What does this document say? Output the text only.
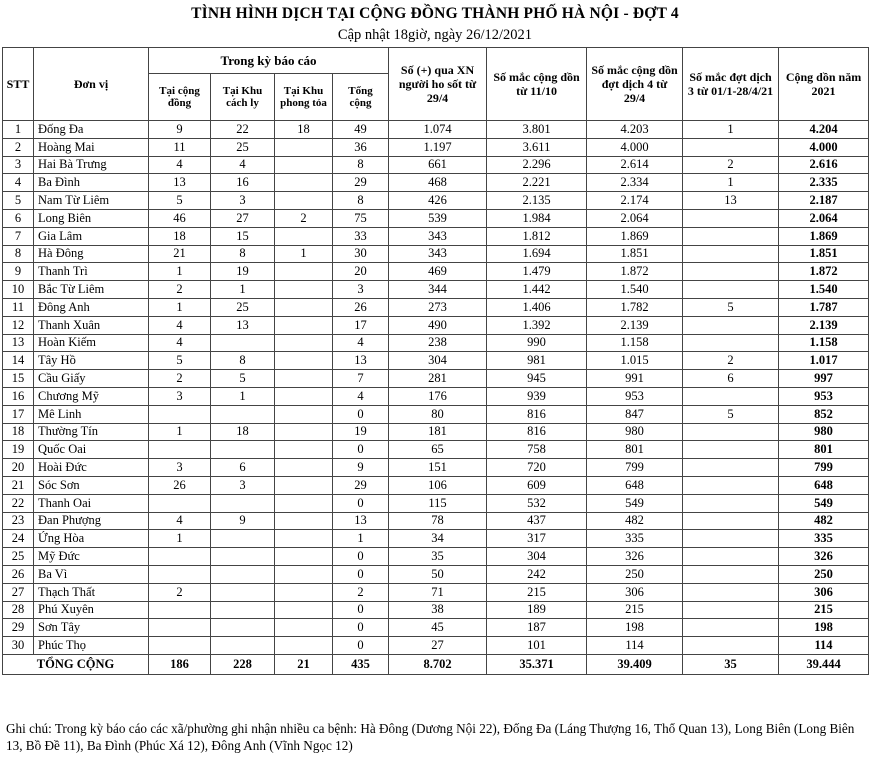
TÌNH HÌNH DỊCH TẠI CỘNG ĐỒNG THÀNH PHỐ HÀ NỘI - ĐỢT 4
Cập nhật 18giờ, ngày 26/12/2021
STT	Đơn vị	Trong kỳ báo cáo				Số (+) qua XN người ho sốt từ 29/4	Số mắc cộng dồn từ 11/10	Số mắc cộng dồn đợt dịch 4 từ 29/4	Số mắc đợt dịch 3 từ 01/1-28/4/21	Cộng dồn năm 2021
		Tại cộng đồng	Tại Khu cách ly	Tại Khu phong tỏa	Tổng cộng					
1	Đống Đa	9	22	18	49	1.074	3.801	4.203	1	4.204
2	Hoàng Mai	11	25		36	1.197	3.611	4.000		4.000
3	Hai Bà Trưng	4	4		8	661	2.296	2.614	2	2.616
4	Ba Đình	13	16		29	468	2.221	2.334	1	2.335
5	Nam Từ Liêm	5	3		8	426	2.135	2.174	13	2.187
6	Long Biên	46	27	2	75	539	1.984	2.064		2.064
7	Gia Lâm	18	15		33	343	1.812	1.869		1.869
8	Hà Đông	21	8	1	30	343	1.694	1.851		1.851
9	Thanh Trì	1	19		20	469	1.479	1.872		1.872
10	Bắc Từ Liêm	2	1		3	344	1.442	1.540		1.540
11	Đông Anh	1	25		26	273	1.406	1.782	5	1.787
12	Thanh Xuân	4	13		17	490	1.392	2.139		2.139
13	Hoàn Kiếm	4			4	238	990	1.158		1.158
14	Tây Hồ	5	8		13	304	981	1.015	2	1.017
15	Cầu Giấy	2	5		7	281	945	991	6	997
16	Chương Mỹ	3	1		4	176	939	953		953
17	Mê Linh				0	80	816	847	5	852
18	Thường Tín	1	18		19	181	816	980		980
19	Quốc Oai				0	65	758	801		801
20	Hoài Đức	3	6		9	151	720	799		799
21	Sóc Sơn	26	3		29	106	609	648		648
22	Thanh Oai				0	115	532	549		549
23	Đan Phượng	4	9		13	78	437	482		482
24	Ứng Hòa	1			1	34	317	335		335
25	Mỹ Đức				0	35	304	326		326
26	Ba Vì				0	50	242	250		250
27	Thạch Thất	2			2	71	215	306		306
28	Phú Xuyên				0	38	189	215		215
29	Sơn Tây				0	45	187	198		198
30	Phúc Thọ				0	27	101	114		114
TỔNG CỘNG		186	228	21	435	8.702	35.371	39.409	35	39.444
Ghi chú: Trong kỳ báo cáo các xã/phường ghi nhận nhiều ca bệnh: Hà Đông (Dương Nội 22), Đống Đa (Láng Thượng 16, Thổ Quan 13), Long Biên (Long Biên 13, Bồ Đề 11), Ba Đình (Phúc Xá 12), Đông Anh (Vĩnh Ngọc 12)
